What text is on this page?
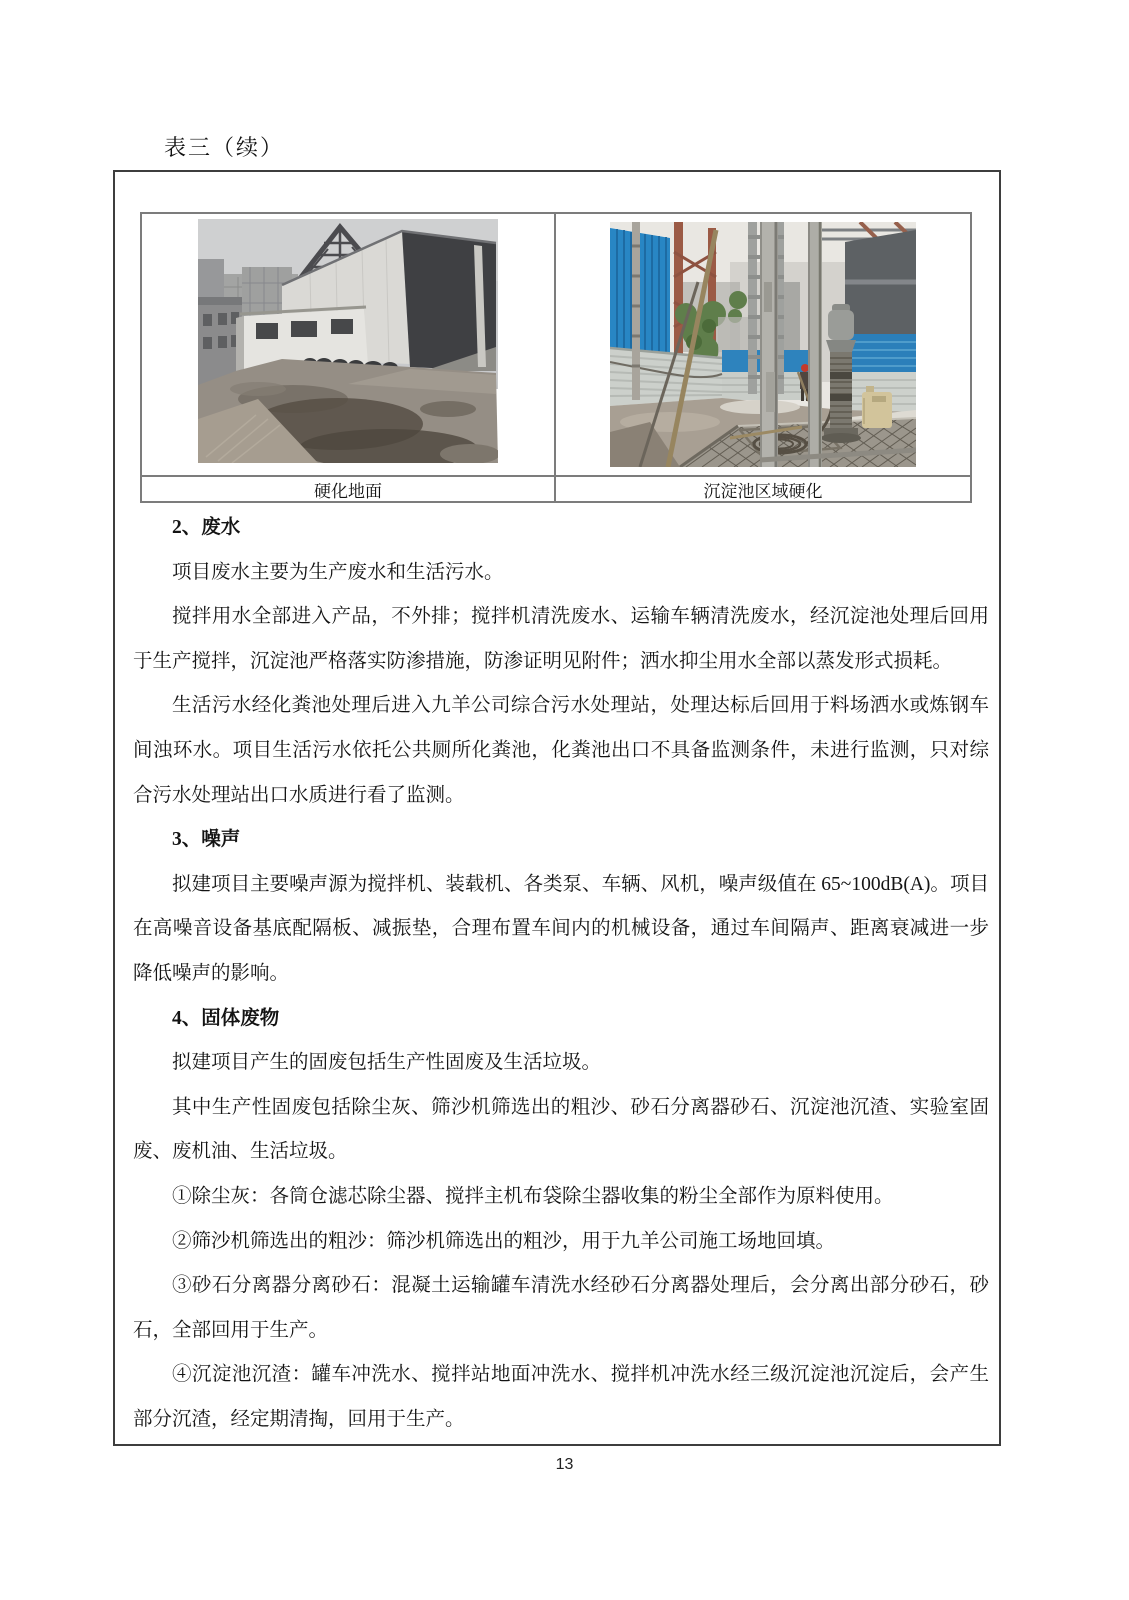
表三（续）
硬化地面	沉淀池区域硬化

2、废水

项目废水主要为生产废水和生活污水。

搅拌用水全部进入产品，不外排；搅拌机清洗废水、运输车辆清洗废水，经沉淀池处理后回用于生产搅拌，沉淀池严格落实防渗措施，防渗证明见附件；洒水抑尘用水全部以蒸发形式损耗。

生活污水经化粪池处理后进入九羊公司综合污水处理站，处理达标后回用于料场洒水或炼钢车间浊环水。项目生活污水依托公共厕所化粪池，化粪池出口不具备监测条件，未进行监测，只对综合污水处理站出口水质进行看了监测。

3、噪声

拟建项目主要噪声源为搅拌机、装载机、各类泵、车辆、风机，噪声级值在 65~100dB(A)。项目在高噪音设备基底配隔板、减振垫，合理布置车间内的机械设备，通过车间隔声、距离衰减进一步降低噪声的影响。

4、固体废物

拟建项目产生的固废包括生产性固废及生活垃圾。

其中生产性固废包括除尘灰、筛沙机筛选出的粗沙、砂石分离器砂石、沉淀池沉渣、实验室固废、废机油、生活垃圾。

①除尘灰：各筒仓滤芯除尘器、搅拌主机布袋除尘器收集的粉尘全部作为原料使用。

②筛沙机筛选出的粗沙：筛沙机筛选出的粗沙，用于九羊公司施工场地回填。

③砂石分离器分离砂石：混凝土运输罐车清洗水经砂石分离器处理后，会分离出部分砂石，砂石，全部回用于生产。

④沉淀池沉渣：罐车冲洗水、搅拌站地面冲洗水、搅拌机冲洗水经三级沉淀池沉淀后，会产生部分沉渣，经定期清掏，回用于生产。

13
